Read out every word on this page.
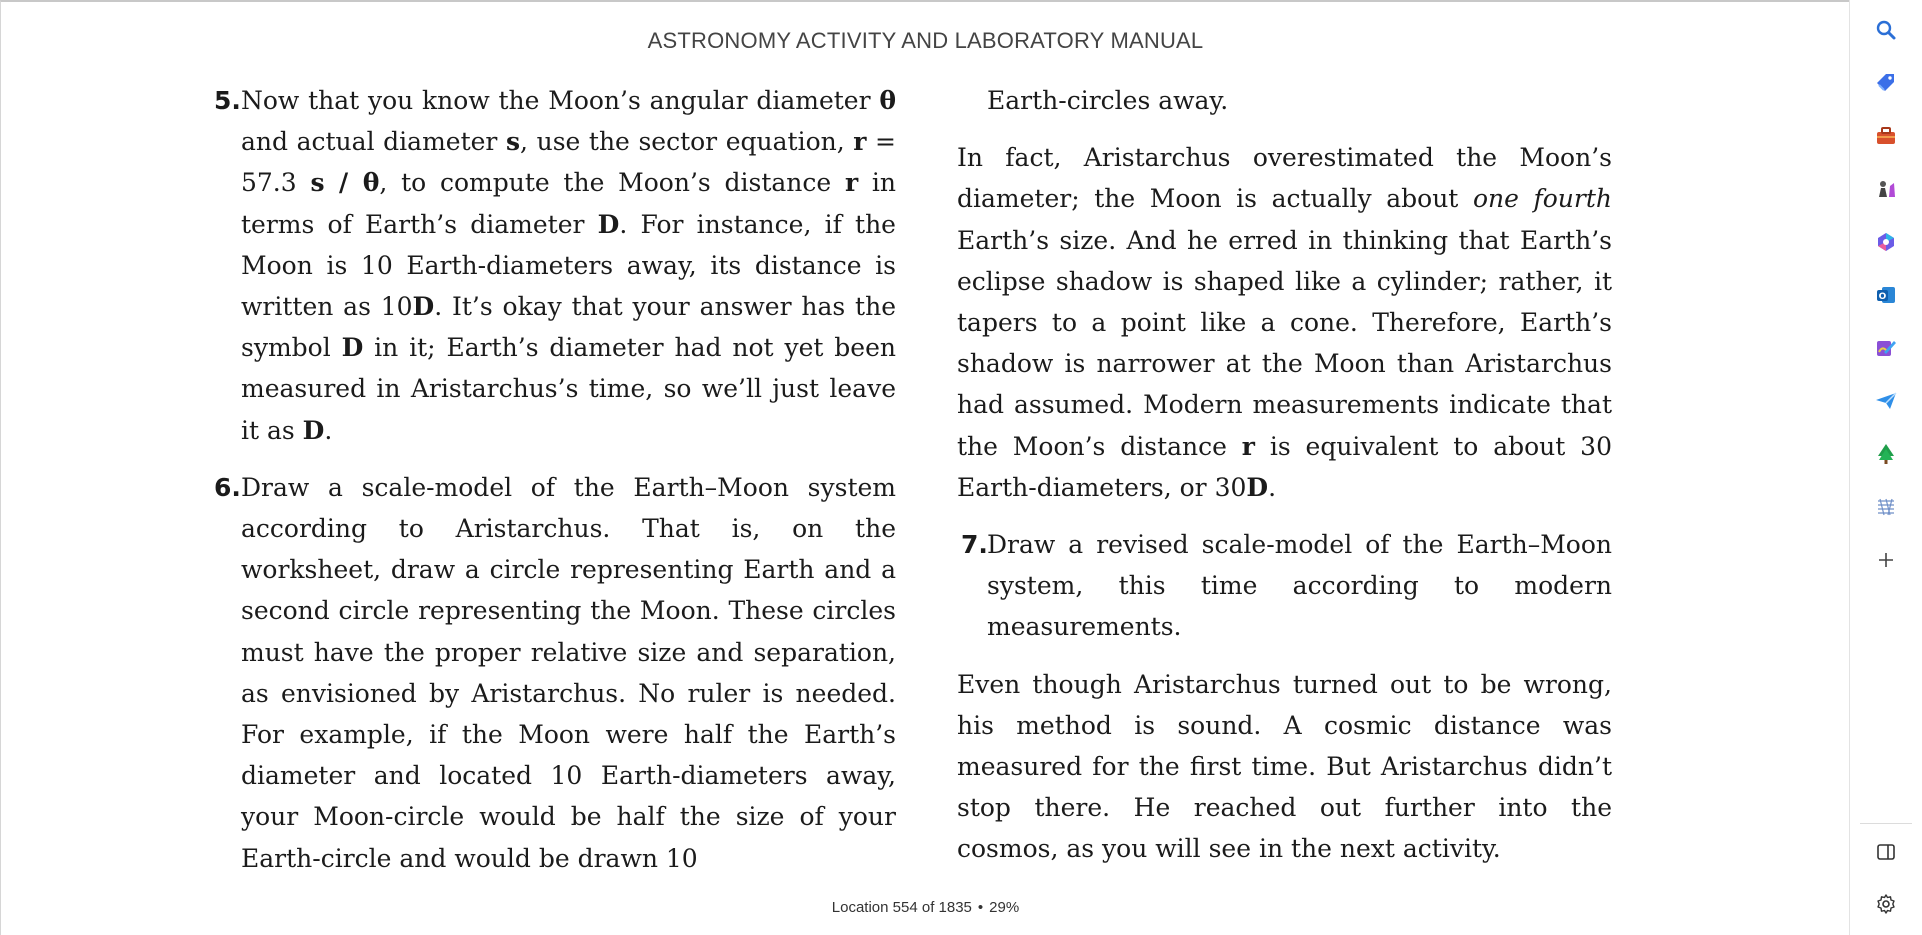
ASTRONOMY ACTIVITY AND LABORATORY MANUAL
5. Now that you know the Moon’s angular diameter θ and actual diameter s, use the sector equation, r = 57.3 s / θ, to compute the Moon’s distance r in terms of Earth’s diameter D. For instance, if the Moon is 10 Earth-diameters away, its distance is written as 10D. It’s okay that your answer has the symbol D in it; Earth’s diameter had not yet been measured in Aristarchus’s time, so we’ll just leave it as D.

6. Draw a scale-model of the Earth–Moon system according to Aristarchus. That is, on the worksheet, draw a circle representing Earth and a second circle representing the Moon. These circles must have the proper relative size and separation, as envisioned by Aristarchus. No ruler is needed. For example, if the Moon were half the Earth’s diameter and located 10 Earth-diameters away, your Moon-circle would be half the size of your Earth-circle and would be drawn 10

Earth-circles away.

In fact, Aristarchus overestimated the Moon’s diameter; the Moon is actually about one fourth Earth’s size. And he erred in thinking that Earth’s eclipse shadow is shaped like a cylinder; rather, it tapers to a point like a cone. Therefore, Earth’s shadow is narrower at the Moon than Aristarchus had assumed. Modern measurements indicate that the Moon’s distance r is equivalent to about 30 Earth-diameters, or 30D.

7. Draw a revised scale-model of the Earth–Moon system, this time according to modern measurements.

Even though Aristarchus turned out to be wrong, his method is sound. A cosmic distance was measured for the first time. But Aristarchus didn’t stop there. He reached out further into the cosmos, as you will see in the next activity.

Location 554 of 1835 • 29%
O
